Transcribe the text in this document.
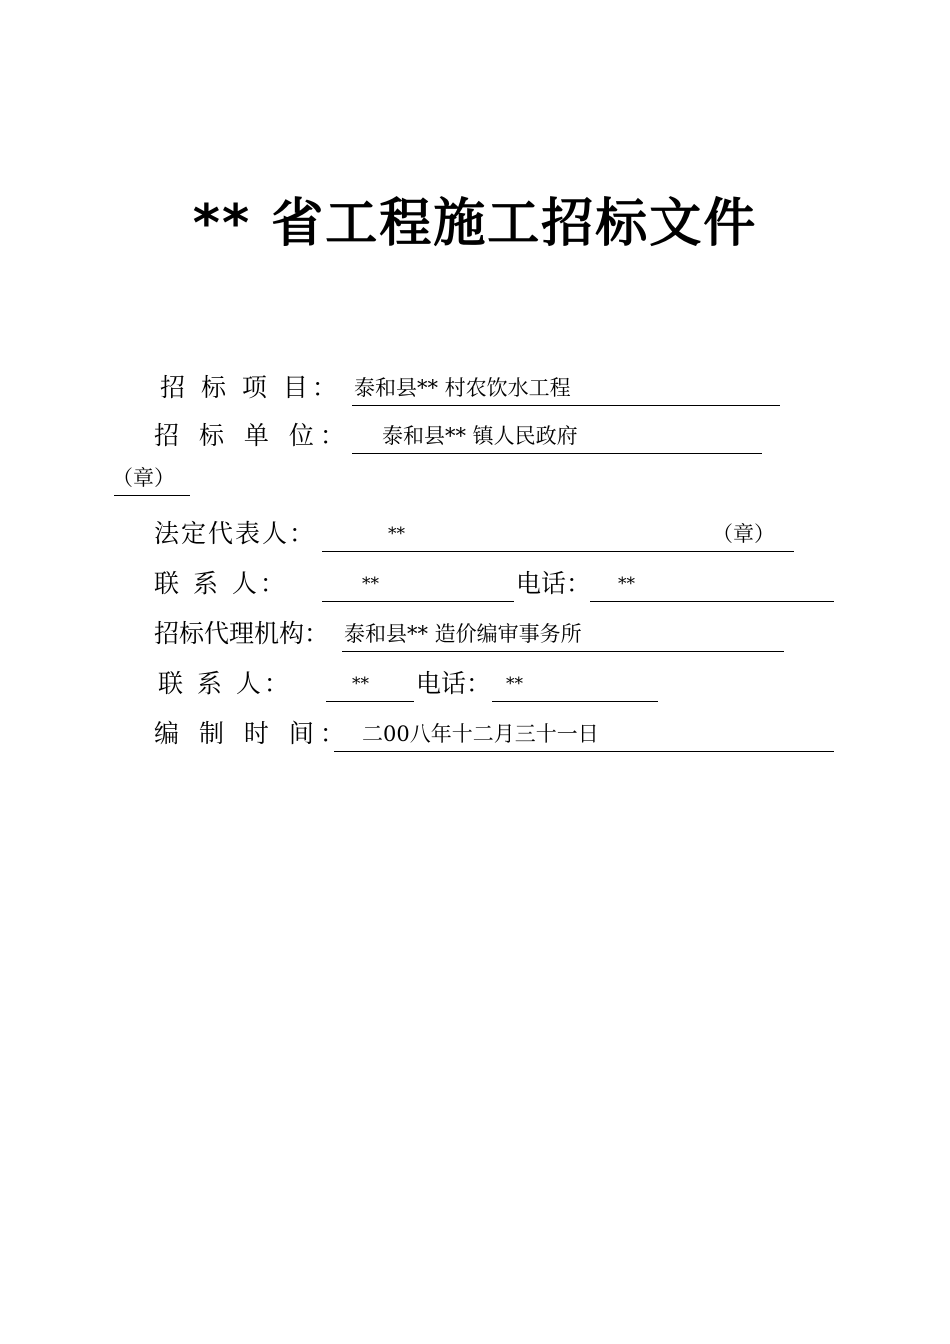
** 省工程施工招标文件
招 标 项 目： 泰和县** 村农饮水工程
招 标 单 位： 泰和县** 镇人民政府
（章）
法定代表人：	**	（章）
联 系 人：	**	电话： **
招标代理机构： 泰和县** 造价编审事务所
联 系 人：	** 电话： **
编 制 时 间： 二00八年十二月三十一日
